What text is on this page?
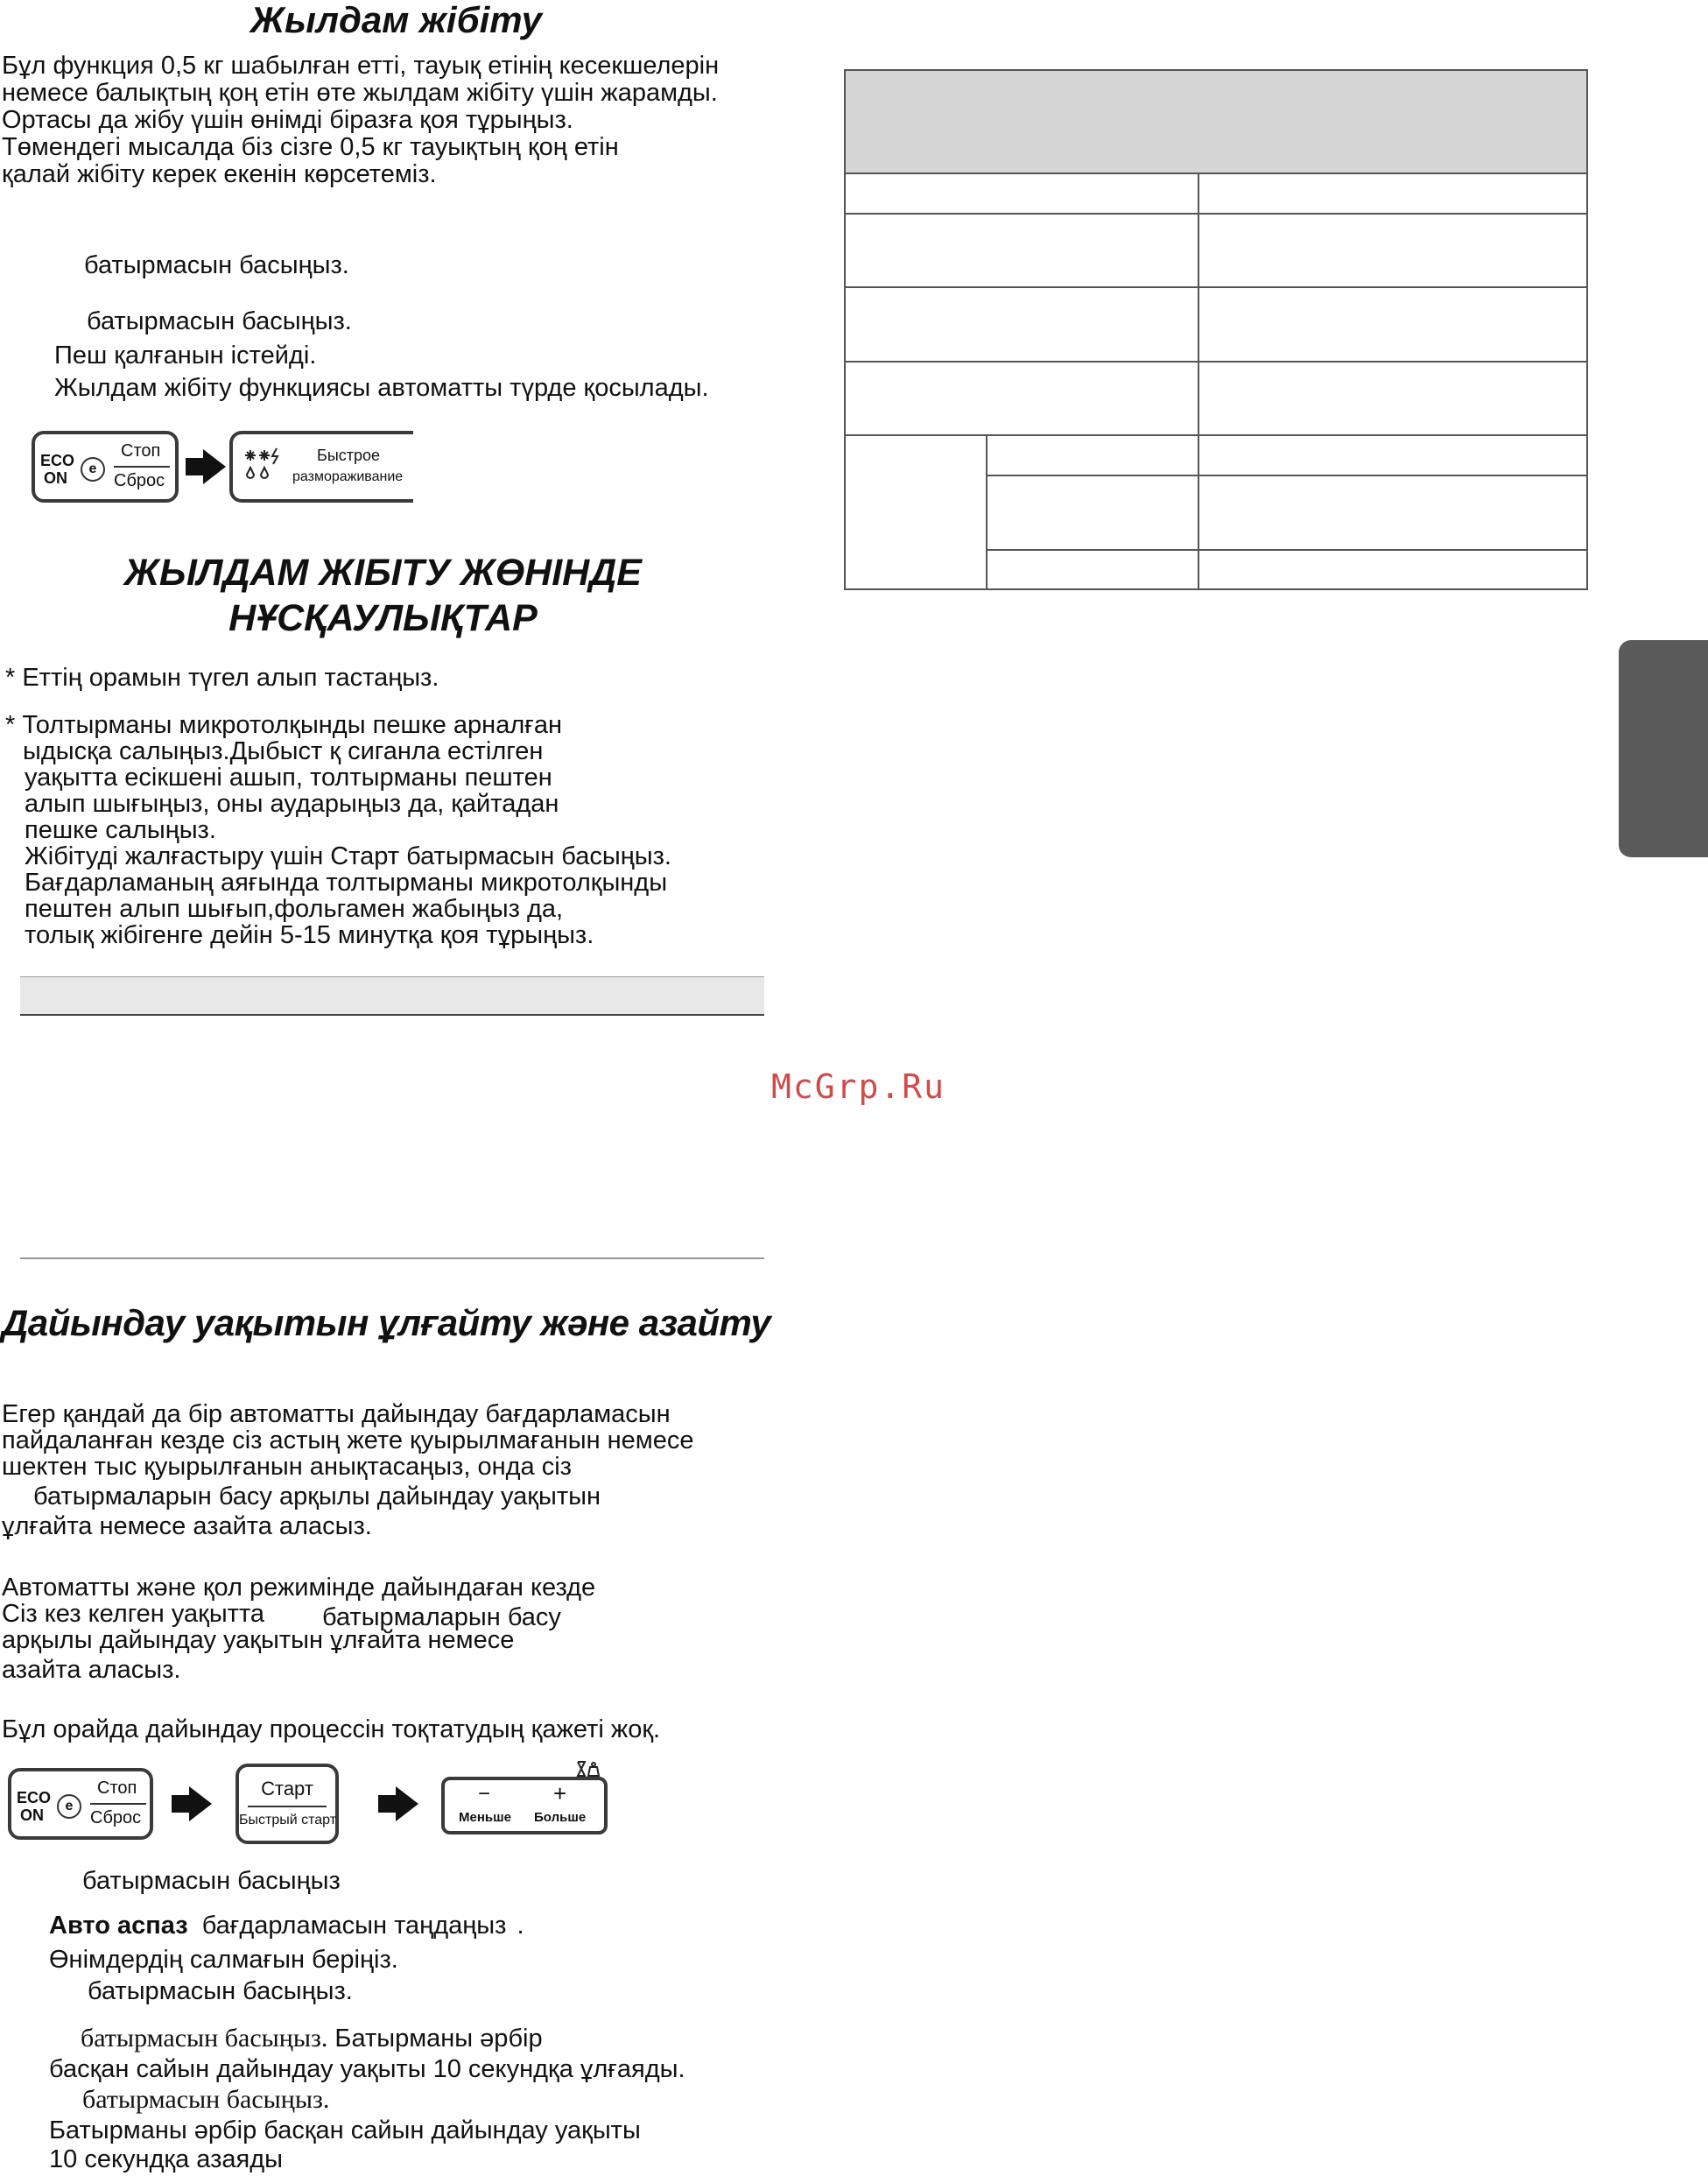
Жылдам жібіту
Бұл функция 0,5 кг шабылған етті, тауық етінің кесекшелерін
немесе балықтың қоң етін өте жылдам жібіту үшін жарамды.
Ортасы да жібу үшін өнімді біразға қоя тұрыңыз.
Төмендегі мысалда біз сізге 0,5 кг тауықтың қоң етін
қалай жібіту керек екенін көрсетеміз.
батырмасын басыңыз.
батырмасын басыңыз.
Пеш қалғанын істейді.
Жылдам жібіту функциясы автоматты түрде қосылады.
ECO
ON
e
Стоп
Сброс
Быстрое
размораживание
ЖЫЛДАМ ЖІБІТУ ЖӨНІНДЕ
НҰСҚАУЛЫҚТАР
* Еттің орамын түгел алып тастаңыз.
* Толтырманы микротолқынды пешке арналған
ыдысқа салыңыз.Дыбыст қ сиганла естілген
уақытта есікшені ашып, толтырманы пештен
алып шығыңыз, оны аударыңыз да, қайтадан
пешке салыңыз.
Жібітуді жалғастыру үшін Старт батырмасын басыңыз.
Бағдарламаның аяғында толтырманы микротолқынды
пештен алып шығып,фольгамен жабыңыз да,
толық жібігенге дейін 5-15 минутқа қоя тұрыңыз.
McGrp.Ru
Дайындау уақытын ұлғайту және азайту
Егер қандай да бір автоматты дайындау бағдарламасын
пайдаланған кезде сіз астың жете қуырылмағанын немесе
шектен тыс қуырылғанын анықтасаңыз, онда сіз
батырмаларын басу арқылы дайындау уақытын
ұлғайта немесе азайта аласыз.
Автоматты және қол режимінде дайындаған кезде
Сіз кез келген уақытта батырмаларын басу
арқылы дайындау уақытын ұлғайта немесе
азайта аласыз.
Бұл орайда дайындау процессін тоқтатудың қажеті жоқ.
ECO
ON
e
Стоп
Сброс
Старт
Быстрый старт
−
Меньше
+
Больше
батырмасын басыңыз
Авто аспаз бағдарламасын таңдаңыз .
Өнімдердің салмағын беріңіз.
батырмасын басыңыз.
батырмасын басыңыз. Батырманы әрбір
басқан сайын дайындау уақыты 10 секундқа ұлғаяды.
батырмасын басыңыз.
Батырманы әрбір басқан сайын дайындау уақыты
10 секундқа азаяды
